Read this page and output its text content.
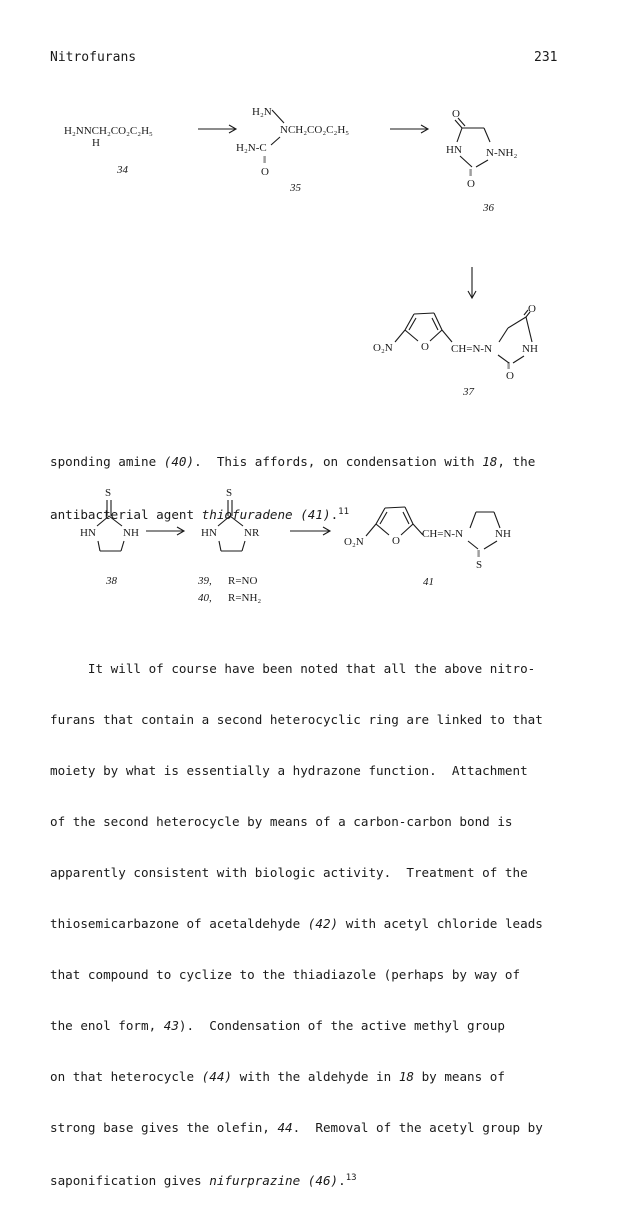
Nitrofurans	231
H₂NNCH₂CO₂C₂H₅
H
34
H₂N
NCH₂CO₂C₂H₅
H₂N-C
‖
O
35
O
HN N-NH₂
‖
O
36
O₂N	O CH=N-N
O
NH
‖
O
37
S
HN NH
38
S
HN NR
39, R=NO
40, R=NH₂
O₂N	O
CH=N-N	NH
‖
S
41

sponding amine (40).  This affords, on condensation with 18, the

antibacterial agent thiofuradene (41).$^{11}$

It will of course have been noted that all the above nitro-

furans that contain a second heterocyclic ring are linked to that

moiety by what is essentially a hydrazone function.  Attachment

of the second heterocycle by means of a carbon-carbon bond is

apparently consistent with biologic activity.  Treatment of the

thiosemicarbazone of acetaldehyde (42) with acetyl chloride leads

that compound to cyclize to the thiadiazole (perhaps by way of

the enol form, 43).  Condensation of the active methyl group

on that heterocycle (44) with the aldehyde in 18 by means of

strong base gives the olefin, 44.  Removal of the acetyl group by

saponification gives nifurprazine (46).$^{13}$
